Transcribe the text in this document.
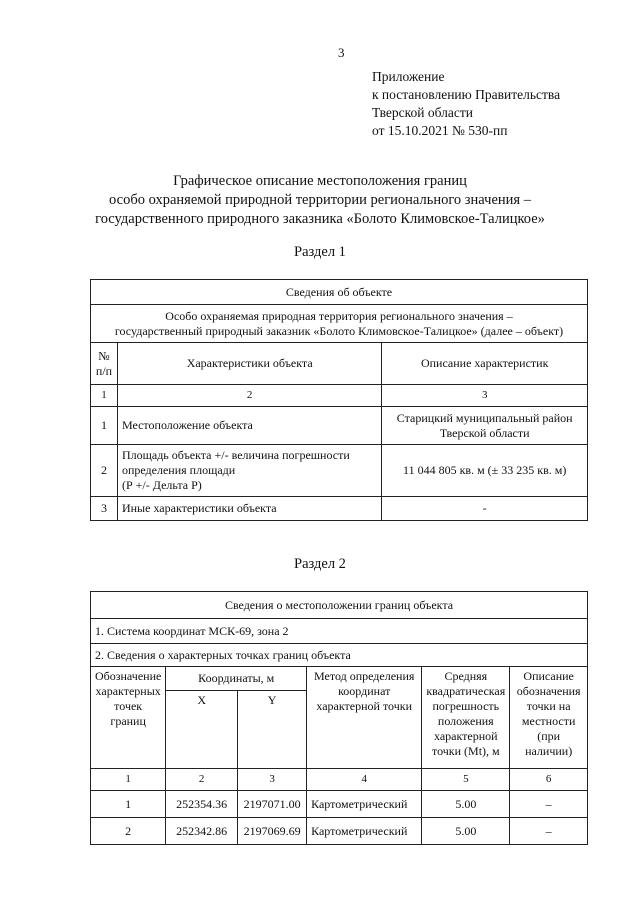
3
Приложение
к постановлению Правительства
Тверской области
от 15.10.2021 № 530-пп
Графическое описание местоположения границ
особо охраняемой природной территории регионального значения –
государственного природного заказника «Болото Климовское-Талицкое»
Раздел 1
Сведения об объекте		

Особо охраняемая природная территория регионального значения –
государственный природный заказник «Болото Климовское-Талицкое» (далее – объект)		

№ п/п	Характеристики объекта	Описание характеристик
1	2	3
1	Местоположение объекта	Старицкий муниципальный район Тверской области
2	Площадь объекта +/- величина погрешности
определения площади
(Р +/- Дельта Р)	11 044 805 кв. м (± 33 235 кв. м)
3	Иные характеристики объекта	-
Раздел 2
Сведения о местоположении границ объекта					
1. Система координат МСК-69, зона 2					
2. Сведения о характерных точках границ объекта					
Обозначение характерных точек границ	Координаты, м		Метод определения координат характерной точки	Средняя квадратическая погрешность положения характерной точки (Mt), м	Описание обозначения точки на местности (при наличии)
	X	Y			
1	2	3	4	5	6
1	252354.36	2197071.00	Картометрический	5.00	–
2	252342.86	2197069.69	Картометрический	5.00	–
